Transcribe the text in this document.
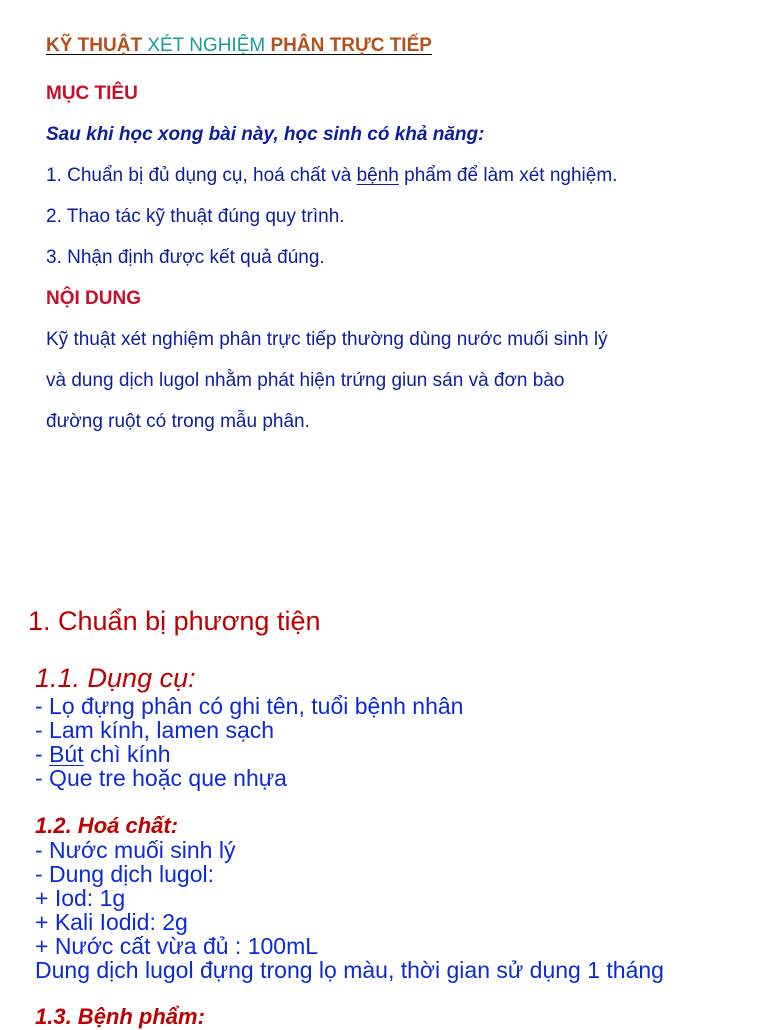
KỸ THUẬT XÉT NGHIỆM PHÂN TRỰC TIẾP
MỤC TIÊU
Sau khi học xong bài này, học sinh có khả năng:
1. Chuẩn bị đủ dụng cụ, hoá chất và bệnh phẩm để làm xét nghiệm.
2. Thao tác kỹ thuật đúng quy trình.
3. Nhận định được kết quả đúng.
NỘI DUNG
Kỹ thuật xét nghiệm phân trực tiếp thường dùng nước muối sinh lý
và dung dịch lugol nhằm phát hiện trứng giun sán và đơn bào
đường ruột có trong mẫu phân.
1. Chuẩn bị phương tiện
1.1. Dụng cụ:
- Lọ đựng phân có ghi tên, tuổi bệnh nhân
- Lam kính, lamen sạch
- Bút chì kính
- Que tre hoặc que nhựa
1.2. Hoá chất:
- Nước muối sinh lý
- Dung dịch lugol:
+ Iod: 1g
+ Kali Iodid: 2g
+ Nước cất vừa đủ : 100mL
Dung dịch lugol đựng trong lọ màu, thời gian sử dụng 1 tháng
1.3. Bệnh phẩm:
